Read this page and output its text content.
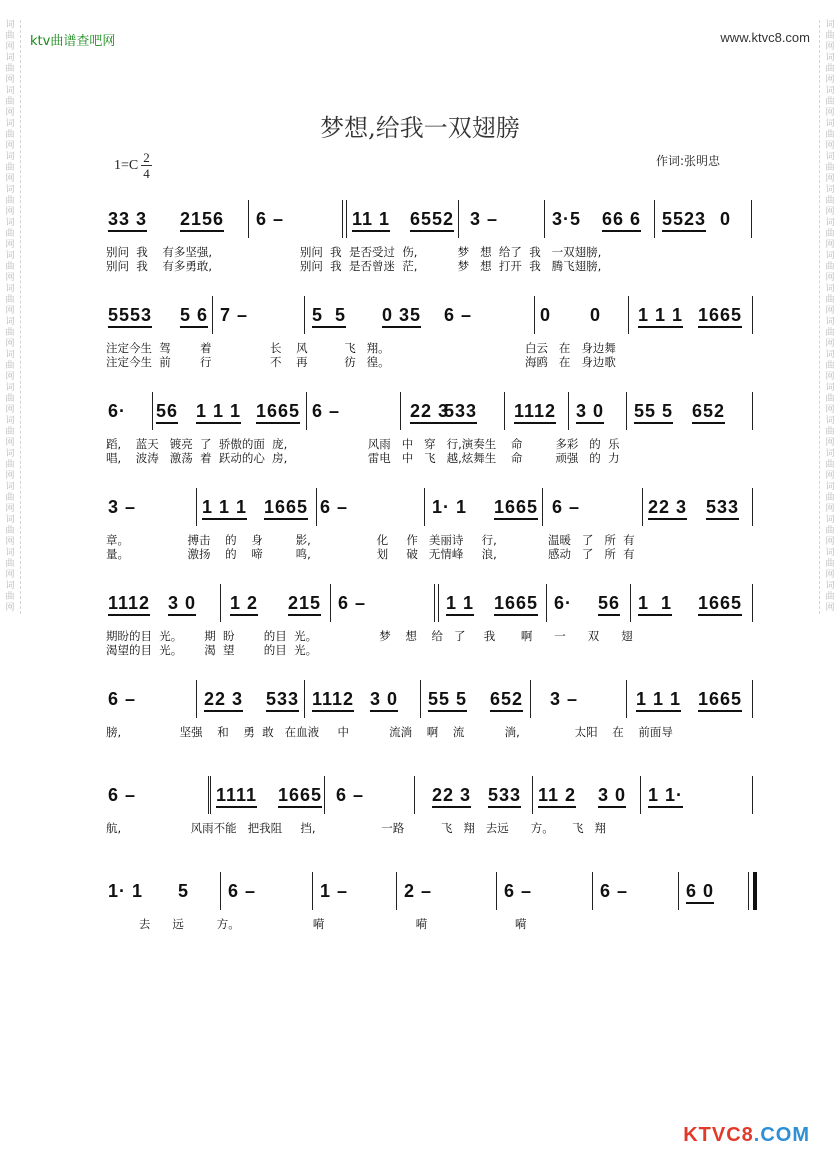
词
曲
网
词
曲
网
词
曲
网
词
曲
网
词
曲
网
词
曲
网
词
曲
网
词
曲
网
词
曲
网
词
曲
网
词
曲
网
词
曲
网
词
曲
网
词
曲
网
词
曲
网
词
曲
网
词
曲
网
词
曲
网
词
曲
网
词
曲
网
词
曲
网
词
曲
网
词
曲
网
词
曲
网
词
曲
网
词
曲
网
词
曲
网
词
曲
网
词
曲
网
词
曲
网
词
曲
网
词
曲
网
词
曲
网
词
曲
网
词
曲
网
词
曲
网
ktv曲谱查吧网	www.ktvc8.com
梦想,给我一双翅膀
$1=C \frac{2}{4}$	作词:张明忠
33 3 2156 6 –	11 1 6552 3 –	3·5 66 6 5523 0
别问  我    有多坚强,                        别问  我  是否受过  伤,           梦   想  给了  我   一双翅膀,
别问  我    有多勇敢,                        别问  我  是否曾迷  茫,           梦   想  打开  我   腾飞翅膀,
5553 5 6 7 –	5  5 0 35 6 –	0 0 1 1 1 1665
注定今生  驾        着                长    风          飞   翔。                                     白云   在   身边舞
注定今生  前        行                不    再          彷   徨。                                     海鸥   在   身边歌
6· 56 1 1 1 1665 6 –	22 3
533 1112 3 0 55 5 652
蹈,    蓝天   镀亮  了  骄傲的面  庞,                      风雨   中   穿   行,演奏生    命         多彩   的  乐
唱,    波涛   激荡  着  跃动的心  房,                      雷电   中   飞   越,炫舞生    命         顽强   的  力
3 –	1 1 1 1665 6 –	1· 1 1665 6 –	22 3 533
章。                搏击    的    身         影,                  化     作   美丽诗     行,              温暖   了   所  有
量。                激扬    的    啼         鸣,                  划     破   无情峰     浪,              感动   了   所  有
1112 3 0 1 2 215 6 –	1 1 1665 6· 56 1  1 1665
期盼的目  光。      期  盼        的目  光。                 梦    想    给   了     我       啊      一      双      翅
渴望的目  光。      渴  望        的目  光。
6 –	22 3 533 1112 3 0 55 5 652 3 –	1 1 1 1665
膀,                坚强    和    勇  敢   在血液     中           流淌    啊    流           淌,               太阳    在    前面导
6 –	1111 1665 6 –	22 3 533 11 2 3 0 1 1·
航,                   风雨不能   把我阻     挡,                  一路          飞   翔   去远      方。     飞   翔
1· 1 5 6 –	1 –	2 –	6 –	6 –	6 0
去      远         方。                    嗬                         嗬                        嗬
KTVC8.COM
